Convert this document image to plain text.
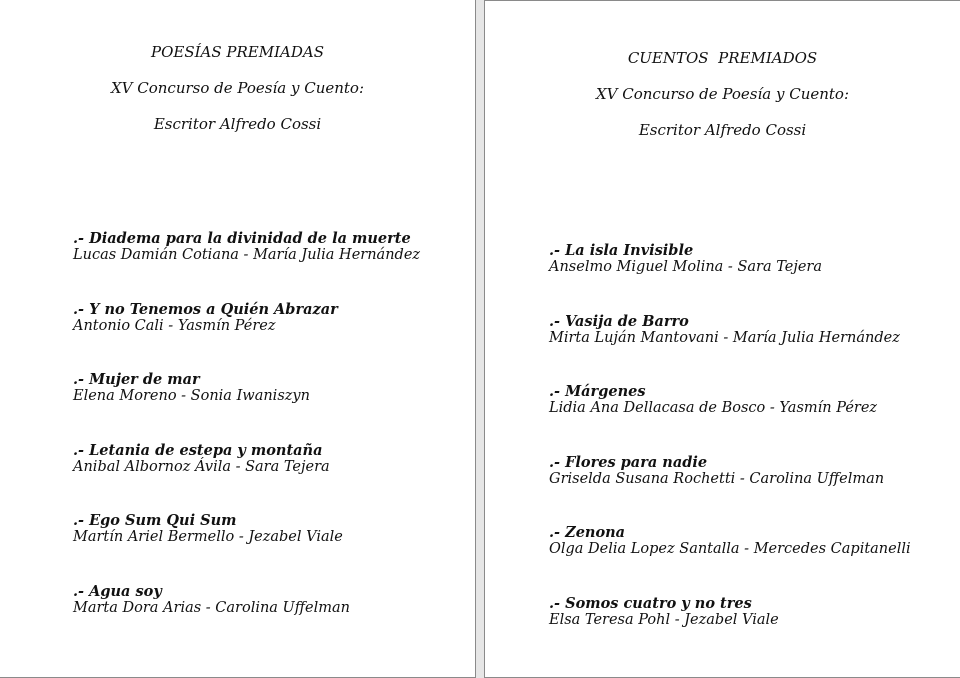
POESÍAS PREMIADAS
XV Concurso de Poesía y Cuento:
Escritor Alfredo Cossi
.- Diadema para la divinidad de la muerte
Lucas Damián Cotiana - María Julia Hernández
.- Y no Tenemos a Quién Abrazar
Antonio Cali - Yasmín Pérez
.- Mujer de mar
Elena Moreno - Sonia Iwaniszyn
.- Letania de estepa y montaña
Anibal Albornoz Ávila - Sara Tejera
.- Ego Sum Qui Sum
Martín Ariel Bermello - Jezabel Viale
.- Agua soy
Marta Dora Arias - Carolina Uffelman
CUENTOS  PREMIADOS
XV Concurso de Poesía y Cuento:
Escritor Alfredo Cossi
.- La isla Invisible
Anselmo Miguel Molina - Sara Tejera
.- Vasija de Barro
Mirta Luján Mantovani - María Julia Hernández
.- Márgenes
Lidia Ana Dellacasa de Bosco - Yasmín Pérez
.- Flores para nadie
Griselda Susana Rochetti - Carolina Uffelman
.- Zenona
Olga Delia Lopez Santalla - Mercedes Capitanelli
.- Somos cuatro y no tres
Elsa Teresa Pohl - Jezabel Viale
